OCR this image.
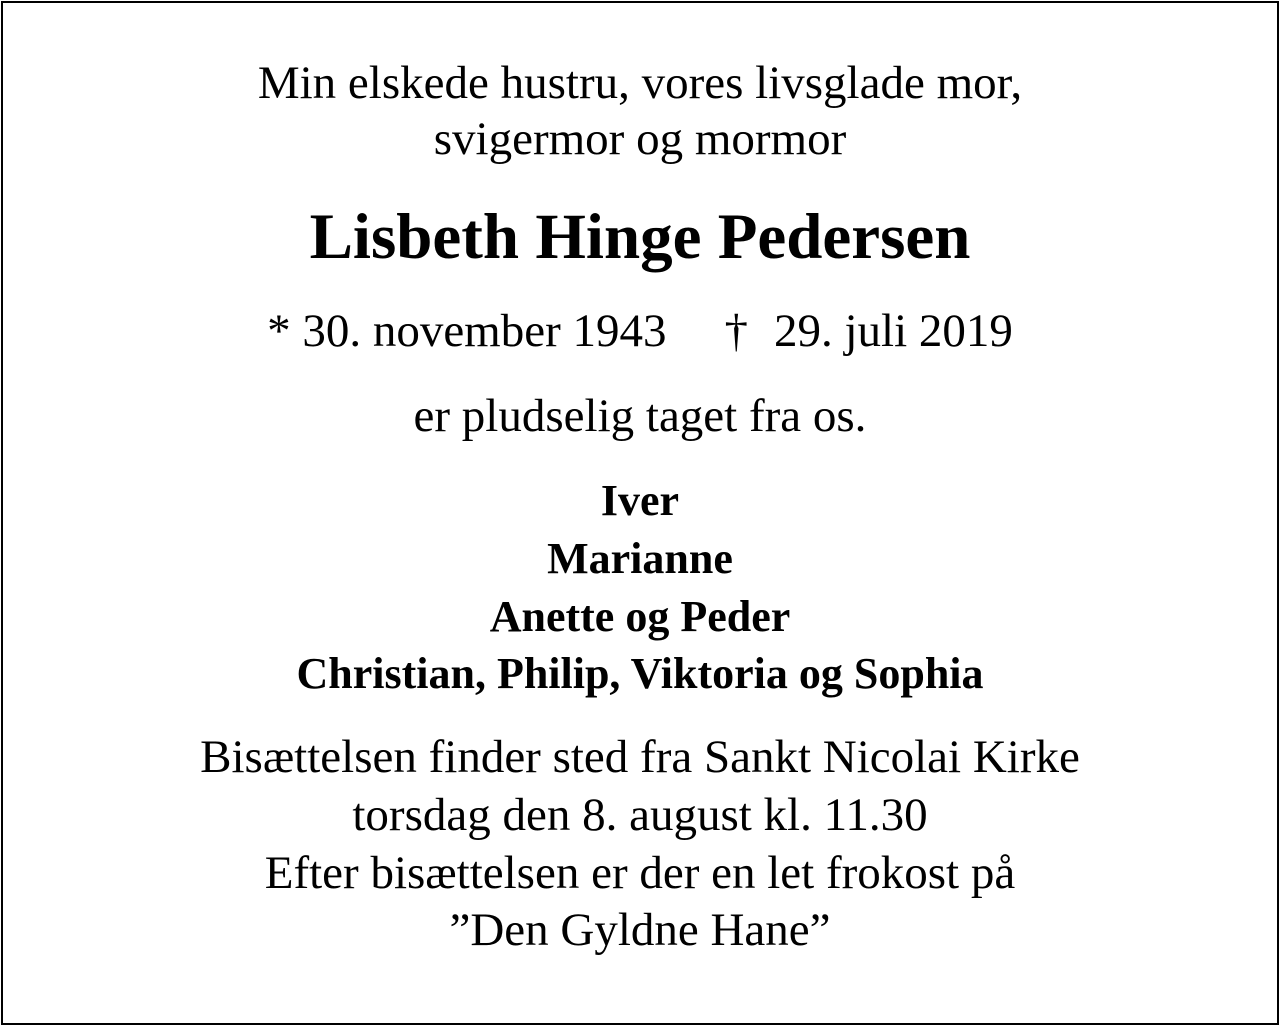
Min elskede hustru, vores livsglade mor,
svigermor og mormor
Lisbeth Hinge Pedersen
* 30. november 1943 † 29. juli 2019
er pludselig taget fra os.
Iver
Marianne
Anette og Peder
Christian, Philip, Viktoria og Sophia
Bisættelsen finder sted fra Sankt Nicolai Kirke
torsdag den 8. august kl. 11.30
Efter bisættelsen er der en let frokost på
”Den Gyldne Hane”
